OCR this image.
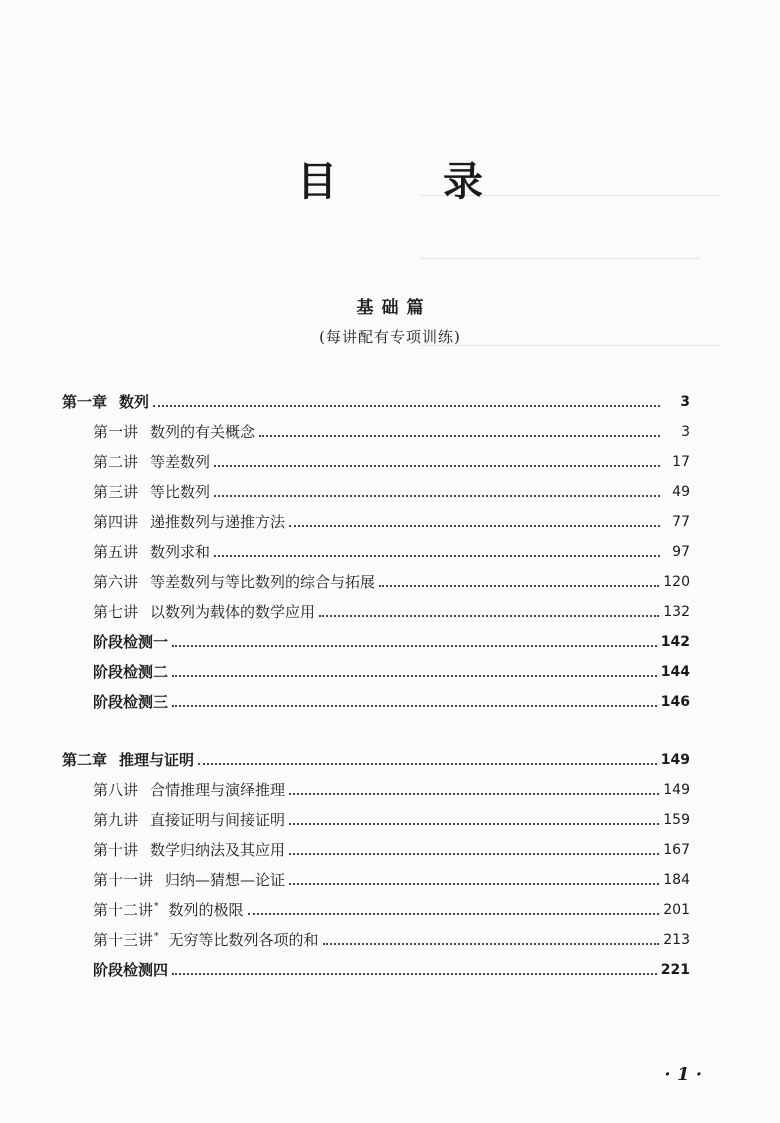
目 录
基础篇
(每讲配有专项训练)
第一章 数列	3
第一讲 数列的有关概念	3
第二讲 等差数列	17
第三讲 等比数列	49
第四讲 递推数列与递推方法	77
第五讲 数列求和	97
第六讲 等差数列与等比数列的综合与拓展	120
第七讲 以数列为载体的数学应用	132
阶段检测一	142
阶段检测二	144
阶段检测三	146
第二章 推理与证明	149
第八讲 合情推理与演绎推理	149
第九讲 直接证明与间接证明	159
第十讲 数学归纳法及其应用	167
第十一讲 归纳—猜想—论证	184
第十二讲* 数列的极限	201
第十三讲* 无穷等比数列各项的和	213
阶段检测四	221
· 1 ·
